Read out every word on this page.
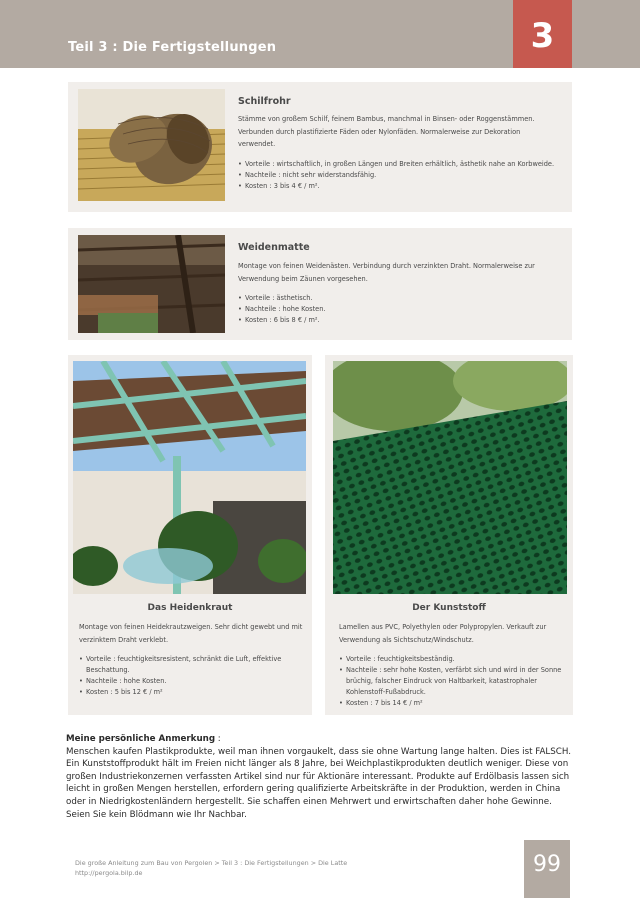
Teil 3 : Die Fertigstellungen	3
Schilfrohr

Stämme von großem Schilf, feinem Bambus, manchmal in Binsen- oder Roggenstämmen. Verbunden durch plastifizierte Fäden oder Nylonfäden. Normalerweise zur Dekoration verwendet.

• Vorteile : wirtschaftlich, in großen Längen und Breiten erhältlich, ästhetik nahe an Korbweide.
• Nachteile : nicht sehr widerstandsfähig.
• Kosten : 3 bis 4 € / m².
Weidenmatte

Montage von feinen Weidenästen. Verbindung durch verzinkten Draht. Normalerweise zur Verwendung beim Zäunen vorgesehen.

• Vorteile : ästhetisch.
• Nachteile : hohe Kosten.
• Kosten : 6 bis 8 € / m².
Das Heidenkraut

Montage von feinen Heidekrautzweigen. Sehr dicht gewebt und mit verzinktem Draht verklebt.

• Vorteile : feuchtigkeitsresistent, schränkt die Luft, effektive Beschattung.
• Nachteile : hohe Kosten.
• Kosten : 5 bis 12 € / m²
Der Kunststoff

Lamellen aus PVC, Polyethylen oder Polypropylen. Verkauft zur Verwendung als Sichtschutz/Windschutz.

• Vorteile : feuchtigkeitsbeständig.
• Nachteile : sehr hohe Kosten, verfärbt sich und wird in der Sonne brüchig, falscher Eindruck von Haltbarkeit, katastrophaler Kohlenstoff-Fußabdruck.
• Kosten : 7 bis 14 € / m²
Meine persönliche Anmerkung :
Menschen kaufen Plastikprodukte, weil man ihnen vorgaukelt, dass sie ohne Wartung lange halten. Dies ist FALSCH. Ein Kunststoffprodukt hält im Freien nicht länger als 8 Jahre, bei Weichplastikprodukten deutlich weniger. Diese von großen Industriekonzernen verfassten Artikel sind nur für Aktionäre interessant. Produkte auf Erdölbasis lassen sich leicht in großen Mengen herstellen, erfordern gering qualifizierte Arbeitskräfte in der Produktion, werden in China oder in Niedrigkostenländern hergestellt. Sie schaffen einen Mehrwert und erwirtschaften daher hohe Gewinne. Seien Sie kein Blödmann wie Ihr Nachbar.
Die große Anleitung zum Bau von Pergolen > Teil 3 : Die Fertigstellungen > Die Latte
http://pergola.bilp.de	99
